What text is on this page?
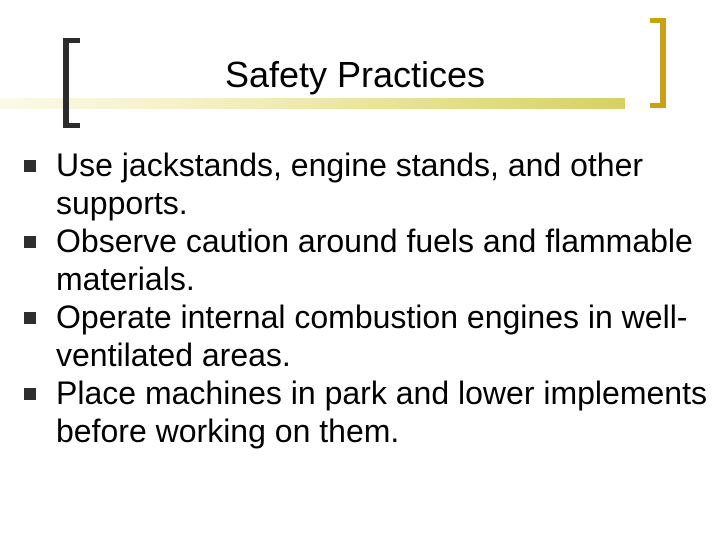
Safety Practices
Use jackstands, engine stands, and other supports.
Observe caution around fuels and flammable materials.
Operate internal combustion engines in well-ventilated areas.
Place machines in park and lower implements before working on them.
